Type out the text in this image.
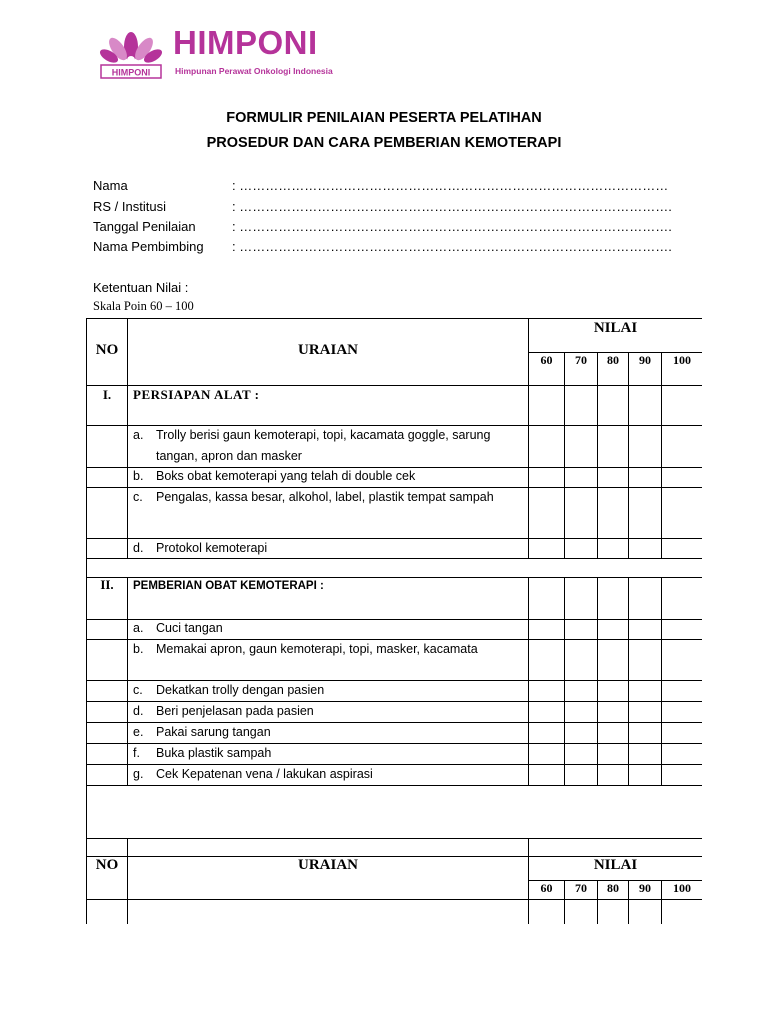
HIMPONI
HIMPONI
Himpunan Perawat Onkologi Indonesia
FORMULIR PENILAIAN PESERTA PELATIHAN
PROSEDUR DAN CARA PEMBERIAN KEMOTERAPI
Nama	: ………………………………………………………………………………………
RS / Institusi	: ……………………………………………………………………………………….
Tanggal Penilaian	: ……………………………………………………………………………………….
Nama Pembimbing : ……………………………………………………………………………………….
Ketentuan Nilai :
Skala Poin 60 – 100
NO	URAIAN
NILAI
60	70	80	90	100
I.	PERSIAPAN ALAT :
a.	Trolly berisi gaun kemoterapi, topi, kacamata goggle, sarung tangan, apron dan masker
b.	Boks obat kemoterapi yang telah di double cek
c.	Pengalas, kassa besar, alkohol, label, plastik tempat sampah
d.	Protokol kemoterapi
II.	PEMBERIAN OBAT KEMOTERAPI :
a.	Cuci tangan
b.	Memakai apron, gaun kemoterapi, topi, masker, kacamata
c.	Dekatkan trolly dengan pasien
d.	Beri penjelasan pada pasien
e.	Pakai sarung tangan
f.	Buka plastik sampah
g.	Cek Kepatenan vena / lakukan aspirasi
NO	URAIAN	NILAI
60	70	80	90	100
